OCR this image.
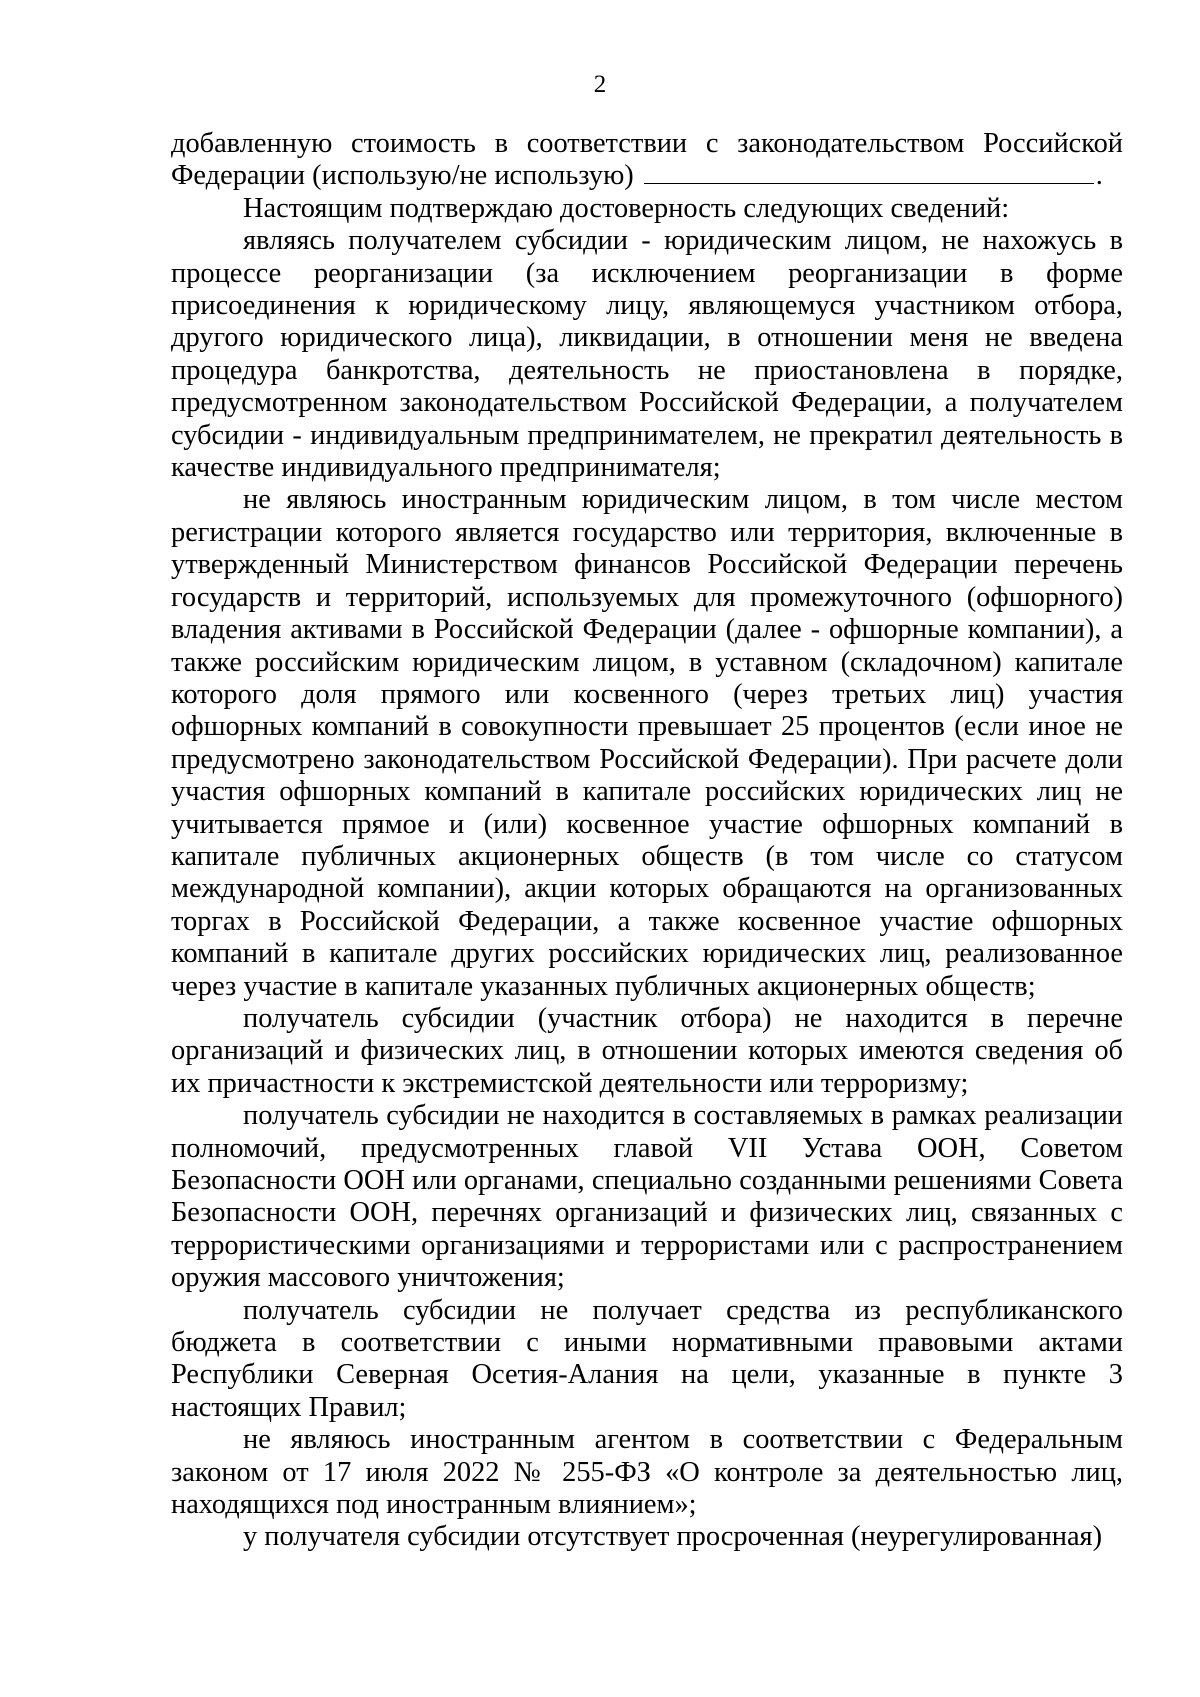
2

добавленную стоимость в соответствии с законодательством Российской Федерации (использую/не использую)	.

Настоящим подтверждаю достоверность следующих сведений:

являясь получателем субсидии - юридическим лицом, не нахожусь в процессе реорганизации (за исключением реорганизации в форме присоединения к юридическому лицу, являющемуся участником отбора, другого юридического лица), ликвидации, в отношении меня не введена процедура банкротства, деятельность не приостановлена в порядке, предусмотренном законодательством Российской Федерации, а получателем субсидии - индивидуальным предпринимателем, не прекратил деятельность в качестве индивидуального предпринимателя;

не являюсь иностранным юридическим лицом, в том числе местом регистрации которого является государство или территория, включенные в утвержденный Министерством финансов Российской Федерации перечень государств и территорий, используемых для промежуточного (офшорного) владения активами в Российской Федерации (далее - офшорные компании), а также российским юридическим лицом, в уставном (складочном) капитале которого доля прямого или косвенного (через третьих лиц) участия офшорных компаний в совокупности превышает 25 процентов (если иное не предусмотрено законодательством Российской Федерации). При расчете доли участия офшорных компаний в капитале российских юридических лиц не учитывается прямое и (или) косвенное участие офшорных компаний в капитале публичных акционерных обществ (в том числе со статусом международной компании), акции которых обращаются на организованных торгах в Российской Федерации, а также косвенное участие офшорных компаний в капитале других российских юридических лиц, реализованное через участие в капитале указанных публичных акционерных обществ;

получатель субсидии (участник отбора) не находится в перечне организаций и физических лиц, в отношении которых имеются сведения об их причастности к экстремистской деятельности или терроризму;

получатель субсидии не находится в составляемых в рамках реализации полномочий, предусмотренных главой VII Устава ООН, Советом Безопасности ООН или органами, специально созданными решениями Совета Безопасности ООН, перечнях организаций и физических лиц, связанных с террористическими организациями и террористами или с распространением оружия массового уничтожения;

получатель субсидии не получает средства из республиканского бюджета в соответствии с иными нормативными правовыми актами Республики Северная Осетия-Алания на цели, указанные в пункте 3 настоящих Правил;

не являюсь иностранным агентом в соответствии с Федеральным законом от 17 июля 2022 № 255-ФЗ «О контроле за деятельностью лиц, находящихся под иностранным влиянием»;

у получателя субсидии отсутствует просроченная (неурегулированная)
